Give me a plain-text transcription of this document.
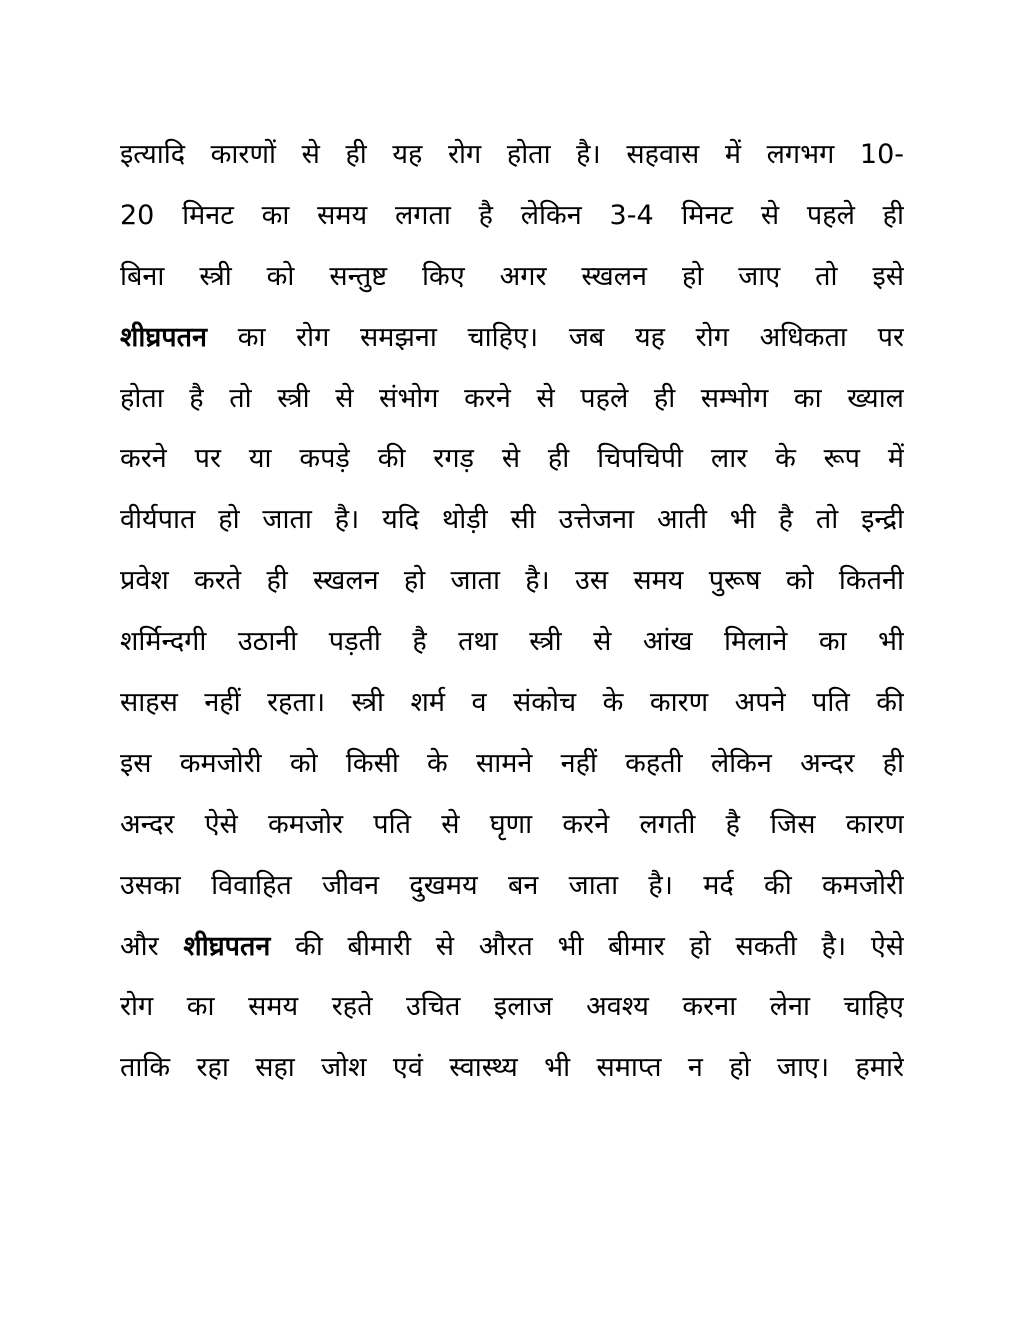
इत्यादि कारणों से ही यह रोग होता है। सहवास में लगभग 10-
20 मिनट का समय लगता है लेकिन 3-4 मिनट से पहले ही
बिना स्त्री को सन्तुष्ट किए अगर स्खलन हो जाए तो इसे
शीघ्रपतन का रोग समझना चाहिए। जब यह रोग अधिकता पर
होता है तो स्त्री से संभोग करने से पहले ही सम्भोग का ख्याल
करने पर या कपड़े की रगड़ से ही चिपचिपी लार के रूप में
वीर्यपात हो जाता है। यदि थोड़ी सी उत्तेजना आती भी है तो इन्द्री
प्रवेश करते ही स्खलन हो जाता है। उस समय पुरूष को कितनी
शर्मिन्दगी उठानी पड़ती है तथा स्त्री से आंख मिलाने का भी
साहस नहीं रहता। स्त्री शर्म व संकोच के कारण अपने पति की
इस कमजोरी को किसी के सामने नहीं कहती लेकिन अन्दर ही
अन्दर ऐसे कमजोर पति से घृणा करने लगती है जिस कारण
उसका विवाहित जीवन दुखमय बन जाता है। मर्द की कमजोरी
और शीघ्रपतन की बीमारी से औरत भी बीमार हो सकती है। ऐसे
रोग का समय रहते उचित इलाज अवश्य करना लेना चाहिए
ताकि रहा सहा जोश एवं स्वास्थ्य भी समाप्त न हो जाए। हमारे
